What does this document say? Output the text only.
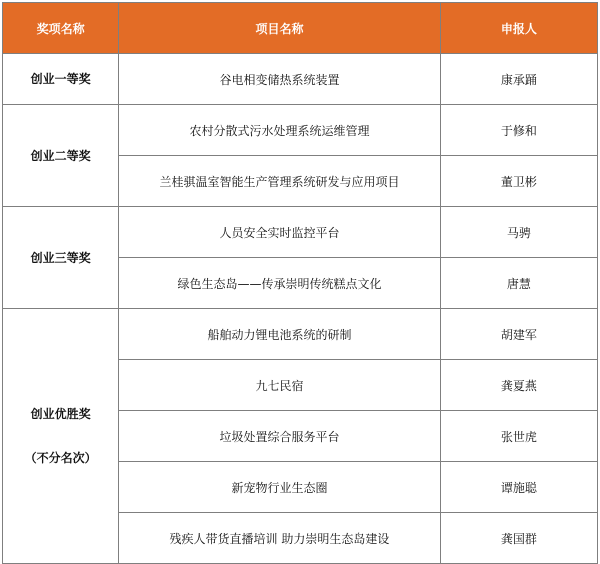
奖项名称	项目名称	申报人

创业一等奖	谷电相变储热系统装置	康承踊

创业二等奖	农村分散式污水处理系统运维管理	于修和
	兰桂骐温室智能生产管理系统研发与应用项目	董卫彬

创业三等奖	人员安全实时监控平台	马骋
	绿色生态岛——传承崇明传统糕点文化	唐慧

创业优胜奖
（不分名次）	船舶动力锂电池系统的研制	胡建军
	九七民宿	龚夏燕
	垃圾处置综合服务平台	张世虎
	新宠物行业生态圈	谭施聪
	残疾人带货直播培训 助力崇明生态岛建设	龚国群
